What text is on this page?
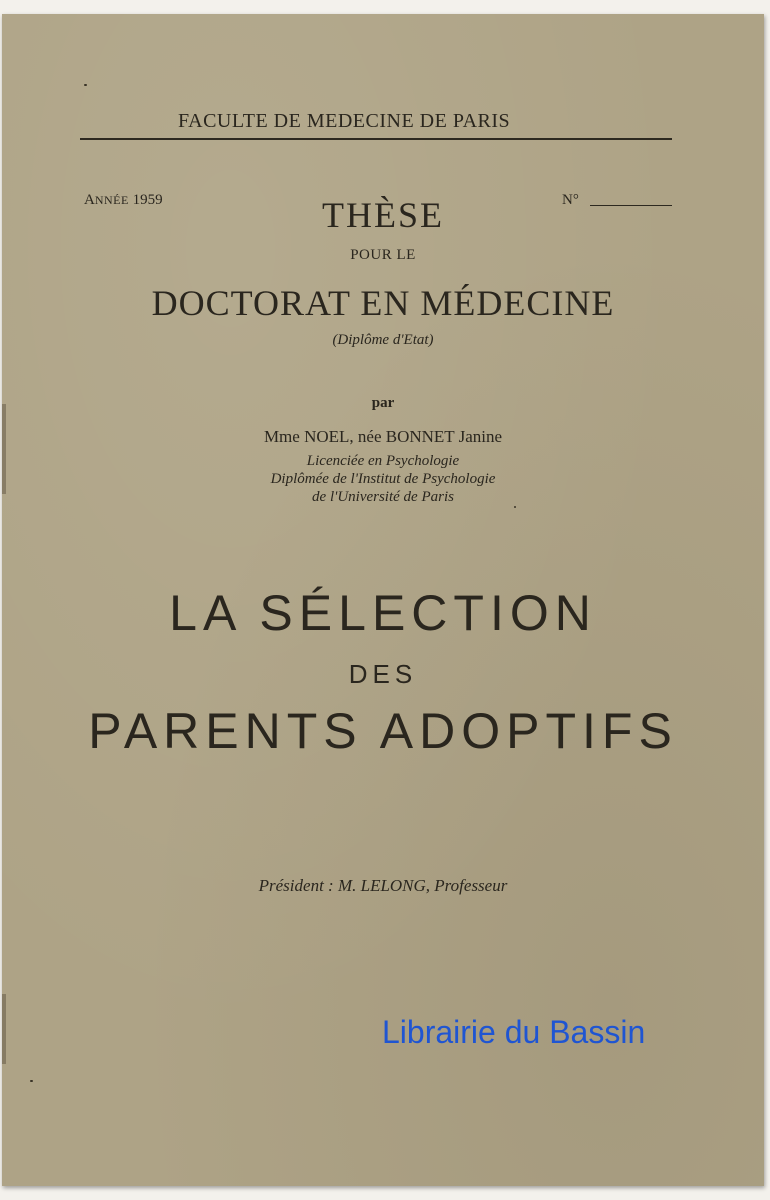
FACULTE DE MEDECINE DE PARIS
ANNÉE 1959	N°
THÈSE
POUR LE
DOCTORAT EN MÉDECINE
(Diplôme d'Etat)
par
Mme NOEL, née BONNET Janine
Licenciée en Psychologie
Diplômée de l'Institut de Psychologie
de l'Université de Paris
LA SÉLECTION
DES
PARENTS ADOPTIFS
Président : M. LELONG, Professeur
Librairie du Bassin
